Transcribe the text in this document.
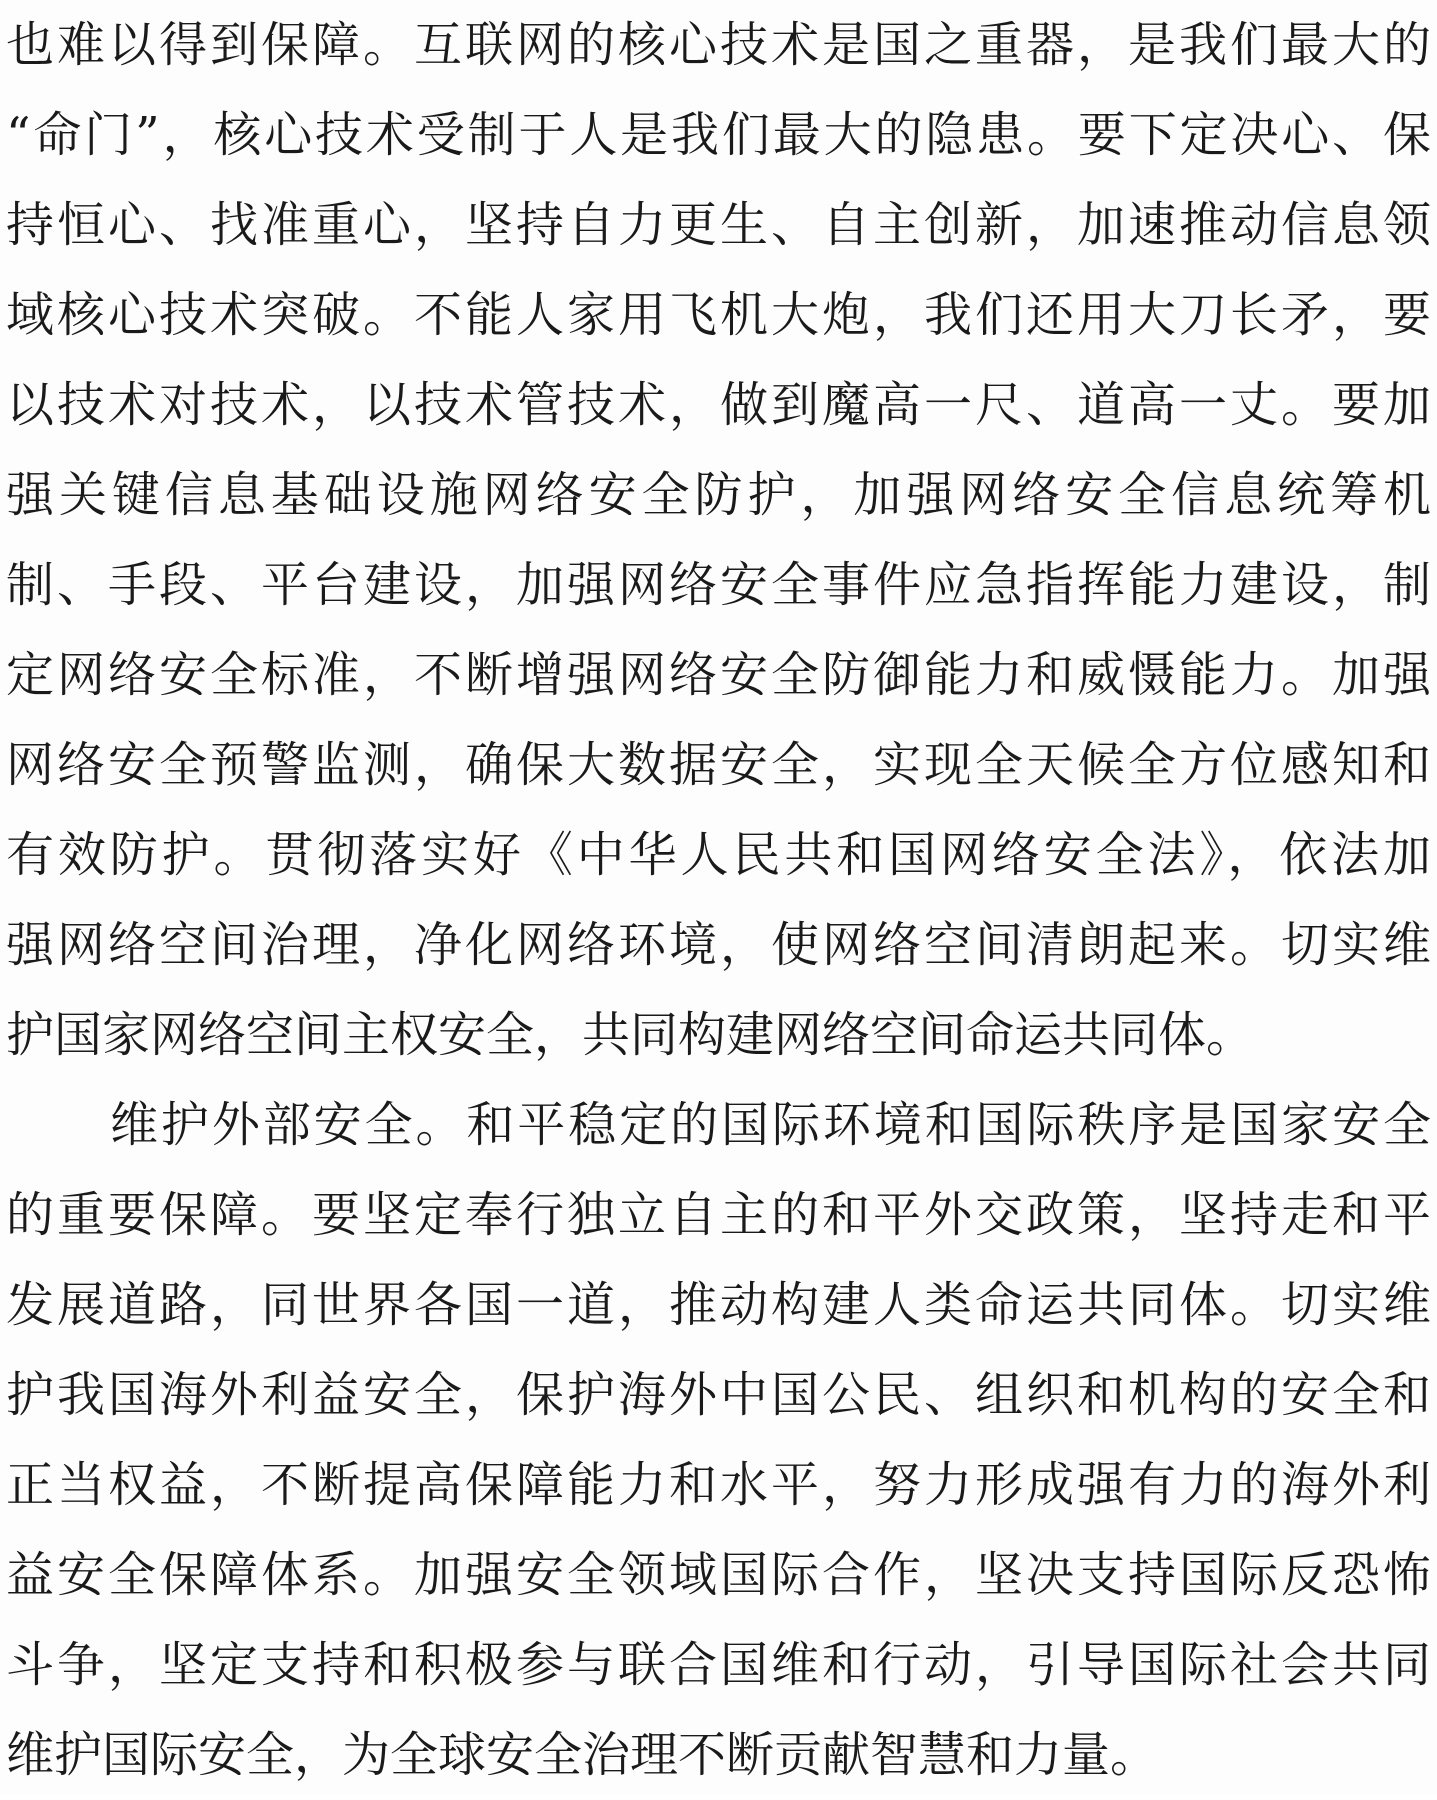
也难以得到保障。互联网的核心技术是国之重器，是我们最大的
“命门”，核心技术受制于人是我们最大的隐患。要下定决心、保
持恒心、找准重心，坚持自力更生、自主创新，加速推动信息领
域核心技术突破。不能人家用飞机大炮，我们还用大刀长矛，要
以技术对技术，以技术管技术，做到魔高一尺、道高一丈。要加
强关键信息基础设施网络安全防护，加强网络安全信息统筹机
制、手段、平台建设，加强网络安全事件应急指挥能力建设，制
定网络安全标准，不断增强网络安全防御能力和威慑能力。加强
网络安全预警监测，确保大数据安全，实现全天候全方位感知和
有效防护。贯彻落实好《中华人民共和国网络安全法》，依法加
强网络空间治理，净化网络环境，使网络空间清朗起来。切实维
护国家网络空间主权安全，共同构建网络空间命运共同体。
维护外部安全。和平稳定的国际环境和国际秩序是国家安全
的重要保障。要坚定奉行独立自主的和平外交政策，坚持走和平
发展道路，同世界各国一道，推动构建人类命运共同体。切实维
护我国海外利益安全，保护海外中国公民、组织和机构的安全和
正当权益，不断提高保障能力和水平，努力形成强有力的海外利
益安全保障体系。加强安全领域国际合作，坚决支持国际反恐怖
斗争，坚定支持和积极参与联合国维和行动，引导国际社会共同
维护国际安全，为全球安全治理不断贡献智慧和力量。
